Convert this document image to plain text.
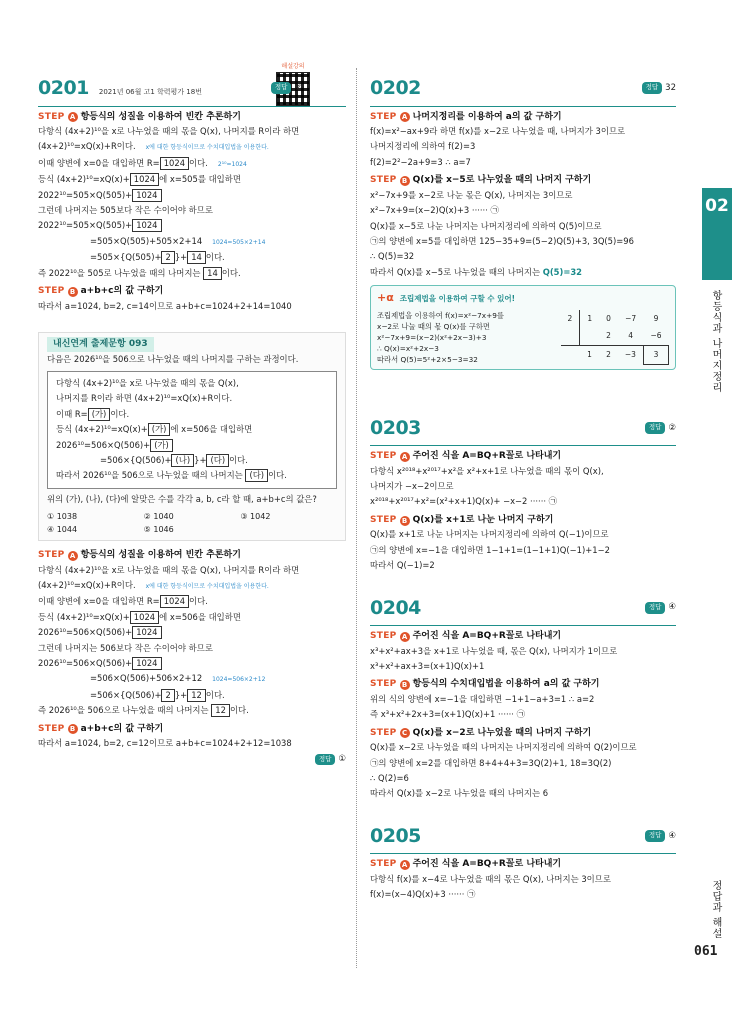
해설강의
0201 2021년 06월 고1 학력평가 18번
정답 ②
STEP A 항등식의 성질을 이용하여 빈칸 추론하기
다항식 (4x+2)¹⁰을 x로 나누었을 때의 몫을 Q(x), 나머지를 R이라 하면
(4x+2)¹⁰=xQ(x)+R이다. x에 대한 항등식이므로 수치대입법을 이용한다.
이때 양변에 x=0을 대입하면 R= 1024 이다. 2¹⁰=1024
등식 (4x+2)¹⁰=xQ(x)+ 1024 에 x=505를 대입하면
2022¹⁰=505×Q(505)+ 1024
그런데 나머지는 505보다 작은 수이어야 하므로
2022¹⁰=505×Q(505)+ 1024
=505×Q(505)+505×2+14 1024=505×2+14
=505×{Q(505)+ 2 }+ 14 이다.
즉 2022¹⁰을 505로 나누었을 때의 나머지는 14 이다.
STEP B a+b+c의 값 구하기
따라서 a=1024, b=2, c=14이므로 a+b+c=1024+2+14=1040
내신연계 출제문항 093
다음은 2026¹⁰을 506으로 나누었을 때의 나머지를 구하는 과정이다.
다항식 (4x+2)¹⁰을 x로 나누었을 때의 몫을 Q(x),
나머지를 R이라 하면 (4x+2)¹⁰=xQ(x)+R이다.
이때 R= (가) 이다.
등식 (4x+2)¹⁰=xQ(x)+ (가) 에 x=506을 대입하면
2026¹⁰=506×Q(506)+ (가)
=506×{Q(506)+ (나) }+ (다) 이다.
따라서 2026¹⁰을 506으로 나누었을 때의 나머지는 (다) 이다.
위의 (가), (나), (다)에 알맞은 수를 각각 a, b, c라 할 때, a+b+c의 값은?
① 1038	② 1040	③ 1042
④ 1044	⑤ 1046
STEP A 항등식의 성질을 이용하여 빈칸 추론하기
다항식 (4x+2)¹⁰을 x로 나누었을 때의 몫을 Q(x), 나머지를 R이라 하면
(4x+2)¹⁰=xQ(x)+R이다. x에 대한 항등식이므로 수치대입법을 이용한다.
이때 양변에 x=0을 대입하면 R= 1024 이다.
등식 (4x+2)¹⁰=xQ(x)+ 1024 에 x=506을 대입하면
2026¹⁰=506×Q(506)+ 1024
그런데 나머지는 506보다 작은 수이어야 하므로
2026¹⁰=506×Q(506)+ 1024
=506×Q(506)+506×2+12 1024=506×2+12
=506×{Q(506)+ 2 }+ 12 이다.
즉 2026¹⁰을 506으로 나누었을 때의 나머지는 12 이다.
STEP B a+b+c의 값 구하기
따라서 a=1024, b=2, c=12이므로 a+b+c=1024+2+12=1038
정답 ①
0202	정답 32
STEP A 나머지정리를 이용하여 a의 값 구하기
f(x)=x²−ax+9라 하면 f(x)를 x−2로 나누었을 때, 나머지가 3이므로
나머지정리에 의하여 f(2)=3
f(2)=2²−2a+9=3 ∴ a=7
STEP B Q(x)를 x−5로 나누었을 때의 나머지 구하기
x²−7x+9를 x−2로 나눈 몫은 Q(x), 나머지는 3이므로
x²−7x+9=(x−2)Q(x)+3 ······ ㉠
Q(x)를 x−5로 나눈 나머지는 나머지정리에 의하여 Q(5)이므로
㉠의 양변에 x=5를 대입하면 125−35+9=(5−2)Q(5)+3, 3Q(5)=96
∴ Q(5)=32
따라서 Q(x)를 x−5로 나누었을 때의 나머지는 Q(5)=32
+α 조립제법을 이용하여 구할 수 있어!
조립제법을 이용하여 f(x)=x²−7x+9를
x−2로 나눌 때의 몫 Q(x)를 구하면
x²−7x+9=(x−2)(x²+2x−3)+3
∴ Q(x)=x²+2x−3
따라서 Q(5)=5²+2×5−3=32
2	1	0	−7	9
		2	4	−6
	1	2	−3	3
0203	정답 ②
STEP A 주어진 식을 A=BQ+R꼴로 나타내기
다항식 x²⁰¹⁸+x²⁰¹⁷+x²을 x²+x+1로 나누었을 때의 몫이 Q(x),
나머지가 −x−2이므로
x²⁰¹⁸+x²⁰¹⁷+x²=(x²+x+1)Q(x)+ −x−2 ······ ㉠
STEP B Q(x)를 x+1로 나눈 나머지 구하기
Q(x)를 x+1로 나눈 나머지는 나머지정리에 의하여 Q(−1)이므로
㉠의 양변에 x=−1을 대입하면 1−1+1=(1−1+1)Q(−1)+1−2
따라서 Q(−1)=2
0204	정답 ④
STEP A 주어진 식을 A=BQ+R꼴로 나타내기
x³+x²+ax+3을 x+1로 나누었을 때, 몫은 Q(x), 나머지가 1이므로
x³+x²+ax+3=(x+1)Q(x)+1
STEP B 항등식의 수치대입법을 이용하여 a의 값 구하기
위의 식의 양변에 x=−1을 대입하면 −1+1−a+3=1 ∴ a=2
즉 x³+x²+2x+3=(x+1)Q(x)+1 ······ ㉠
STEP C Q(x)를 x−2로 나누었을 때의 나머지 구하기
Q(x)를 x−2로 나누었을 때의 나머지는 나머지정리에 의하여 Q(2)이므로
㉠의 양변에 x=2를 대입하면 8+4+4+3=3Q(2)+1, 18=3Q(2)
∴ Q(2)=6
따라서 Q(x)를 x−2로 나누었을 때의 나머지는 6
0205	정답 ④
STEP A 주어진 식을 A=BQ+R꼴로 나타내기
다항식 f(x)를 x−4로 나누었을 때의 몫은 Q(x), 나머지는 3이므로
f(x)=(x−4)Q(x)+3 ······ ㉠
02
항등식과 나머지정리
정답과 해설
061
